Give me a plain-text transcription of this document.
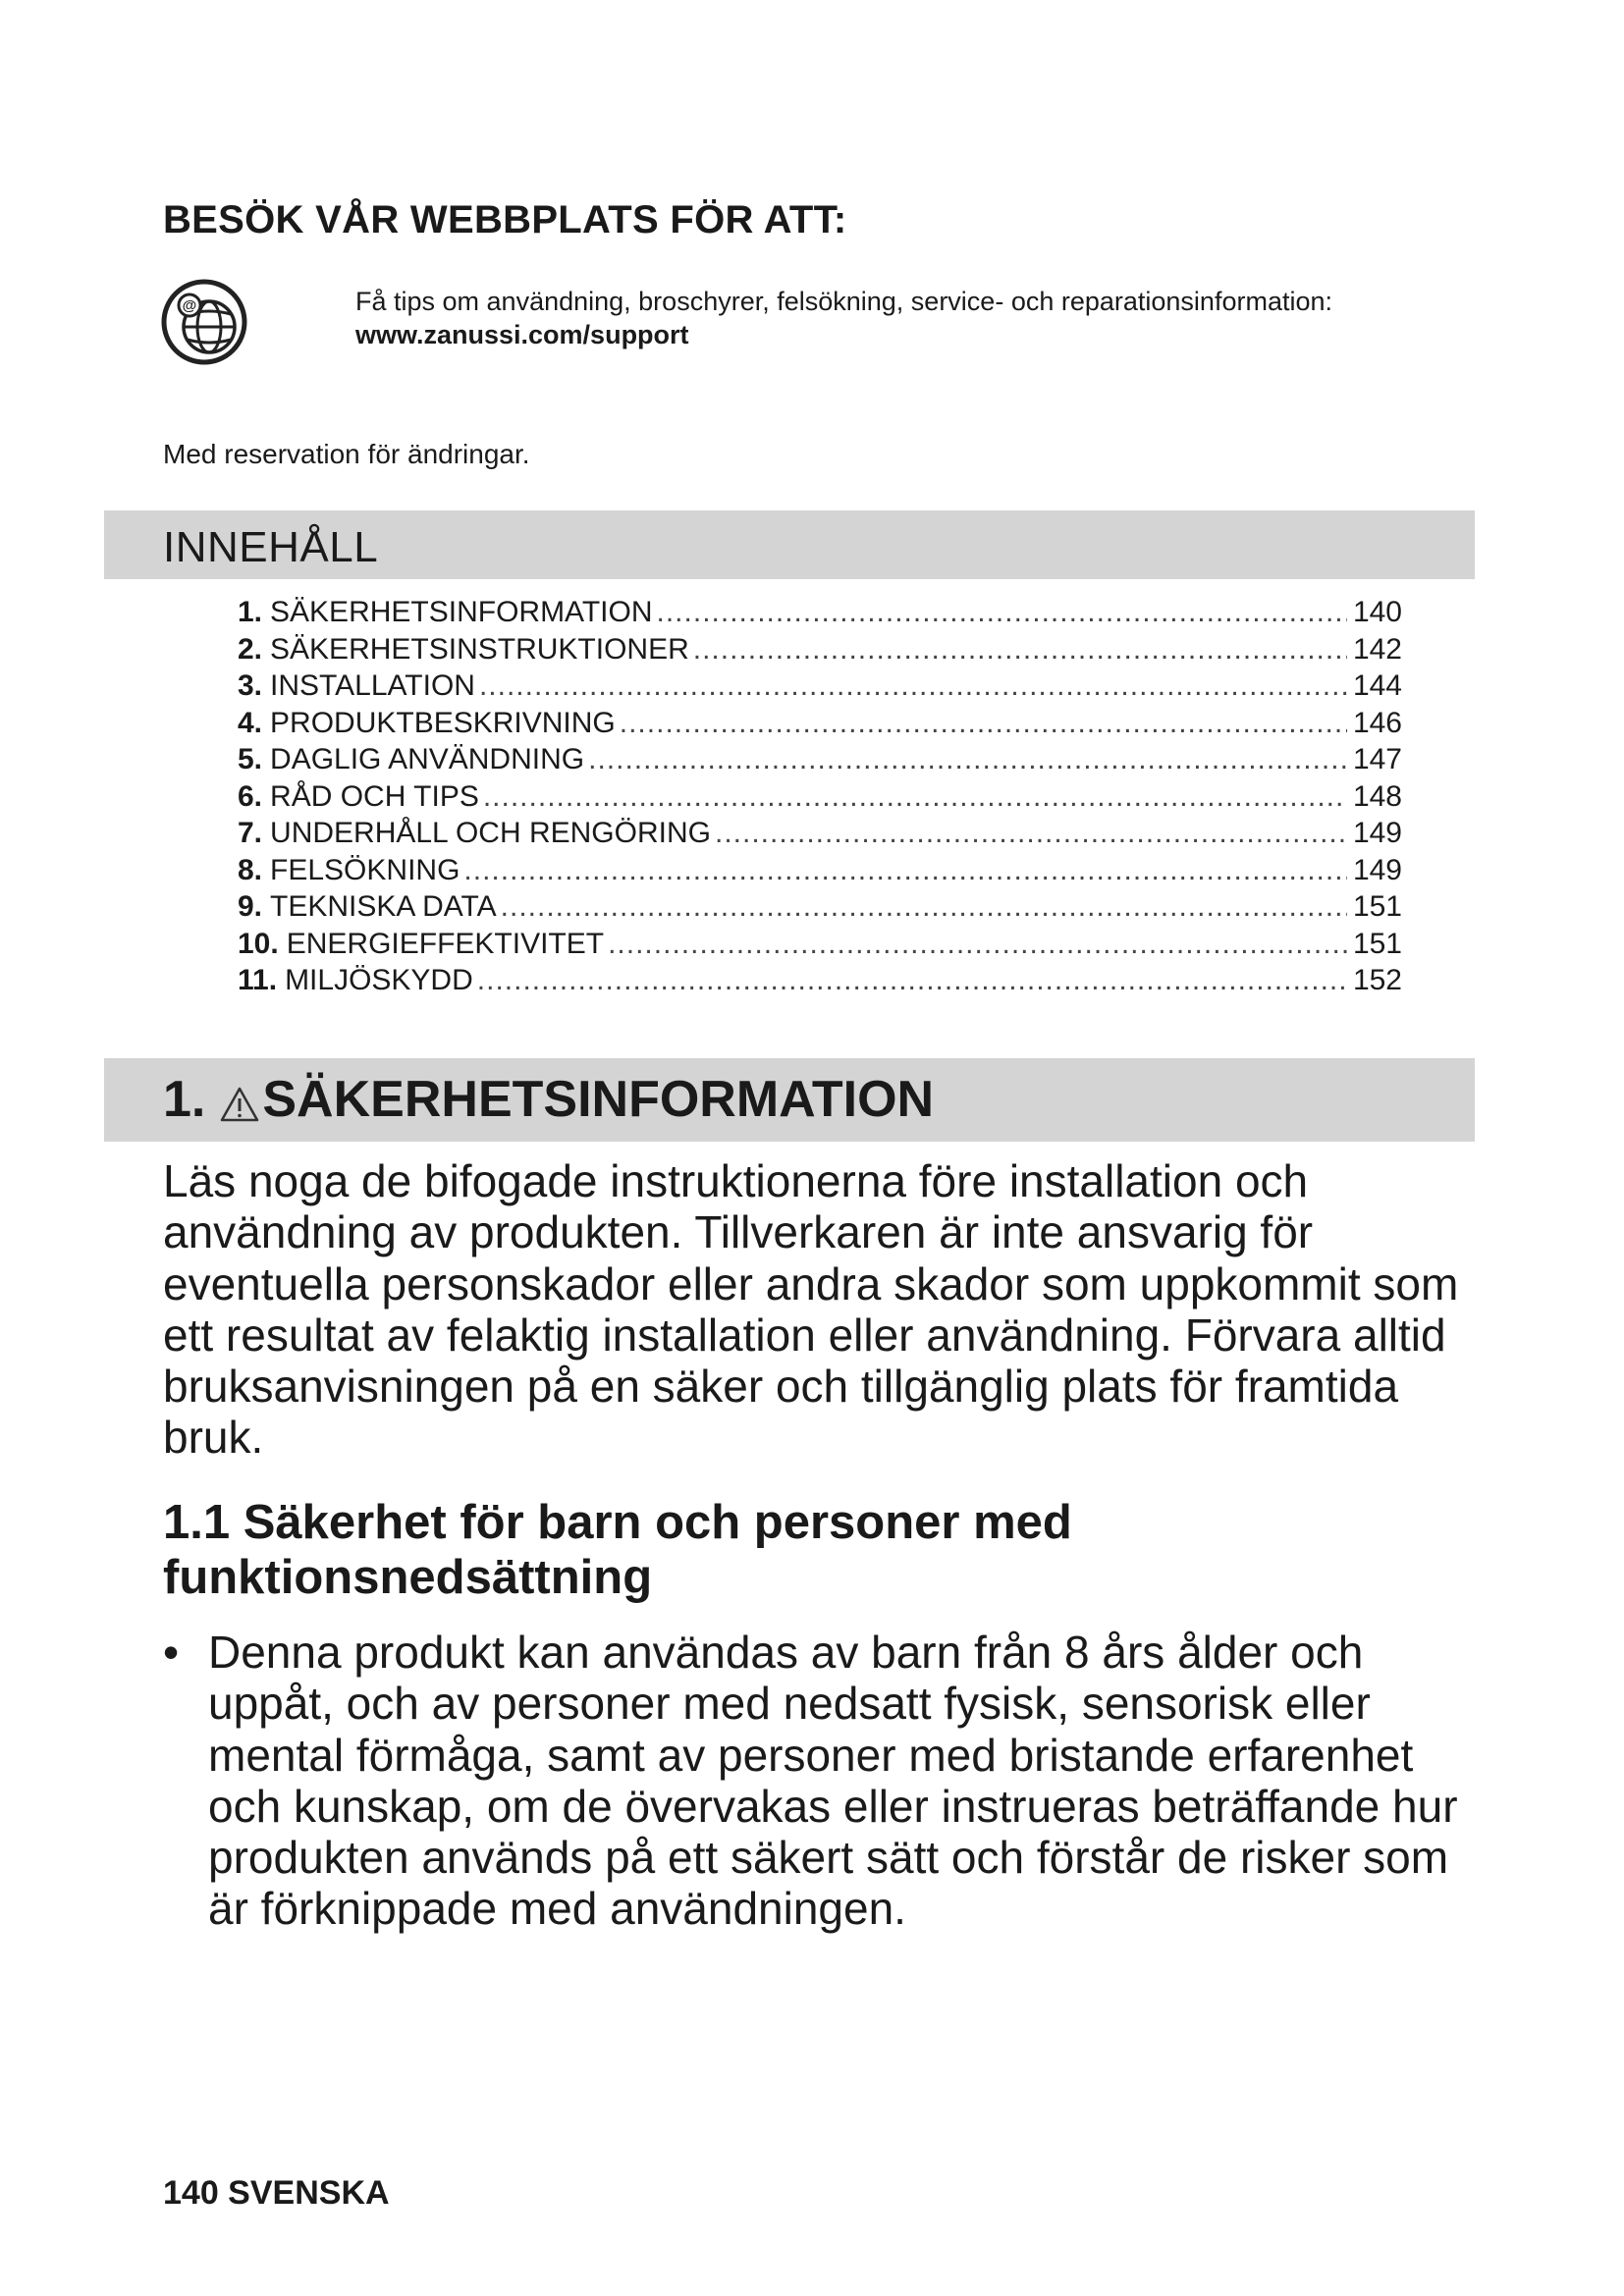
BESÖK VÅR WEBBPLATS FÖR ATT:
@	Få tips om användning, broschyrer, felsökning, service- och reparationsinformation:
www.zanussi.com/support
Med reservation för ändringar.
INNEHÅLL
1. SÄKERHETSINFORMATION .....	140
2. SÄKERHETSINSTRUKTIONER .....	142
3. INSTALLATION .....	144
4. PRODUKTBESKRIVNING .....	146
5. DAGLIG ANVÄNDNING .....	147
6. RÅD OCH TIPS .....	148
7. UNDERHÅLL OCH RENGÖRING .....	149
8. FELSÖKNING .....	149
9. TEKNISKA DATA .....	151
10. ENERGIEFFEKTIVITET .....	151
11. MILJÖSKYDD .....	152
1. SÄKERHETSINFORMATION

Läs noga de bifogade instruktionerna före installation och användning av produkten. Tillverkaren är inte ansvarig för eventuella personskador eller andra skador som uppkommit som ett resultat av felaktig installation eller användning. Förvara alltid bruksanvisningen på en säker och tillgänglig plats för framtida bruk.

1.1 Säkerhet för barn och personer med funktionsnedsättning
• Denna produkt kan användas av barn från 8 års ålder och uppåt, och av personer med nedsatt fysisk, sensorisk eller mental förmåga, samt av personer med bristande erfarenhet och kunskap, om de övervakas eller instrueras beträffande hur produkten används på ett säkert sätt och förstår de risker som är förknippade med användningen.
140 SVENSKA
